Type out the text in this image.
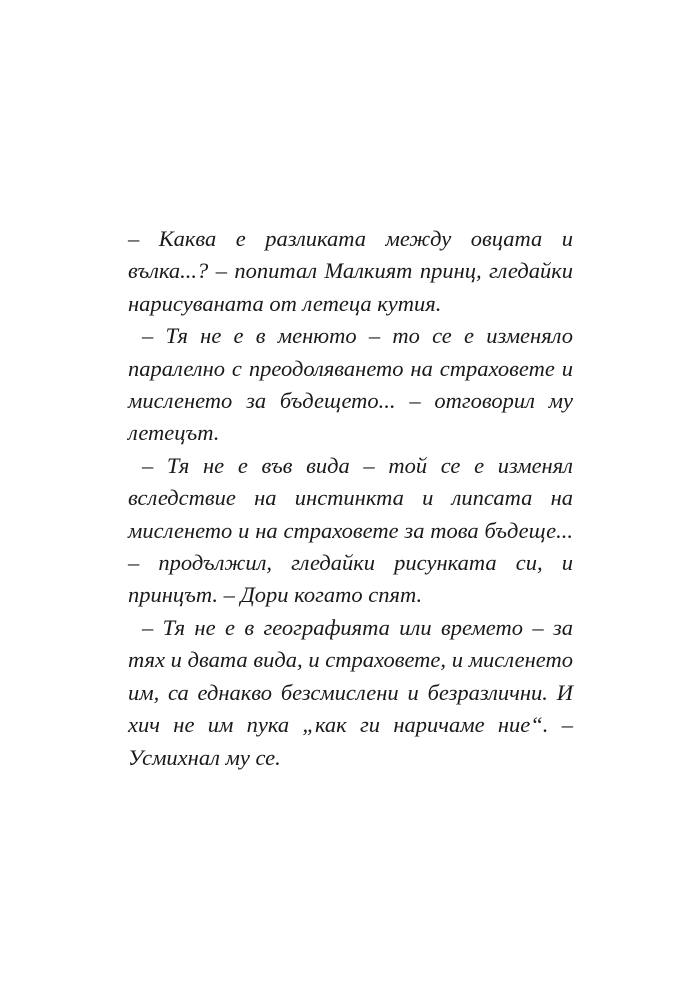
– Каква е разликата между овцата и вълка...? – попитал Малкият принц, гледайки нарисуваната от летеца кутия.

– Тя не е в менюто – то се е изменяло паралелно с преодоляването на страховете и мисленето за бъдещето... – отговорил му летецът.

– Тя не е във вида – той се е изменял вследствие на инстинкта и липсата на мисленето и на страховете за това бъдеще... – продължил, гледайки рисунката си, и принцът. – Дори когато спят.

– Тя не е в географията или времето – за тях и двата вида, и страховете, и мисленето им, са еднакво безсмислени и безразлични. И хич не им пука „как ги наричаме ние“. – Усмихнал му се.
